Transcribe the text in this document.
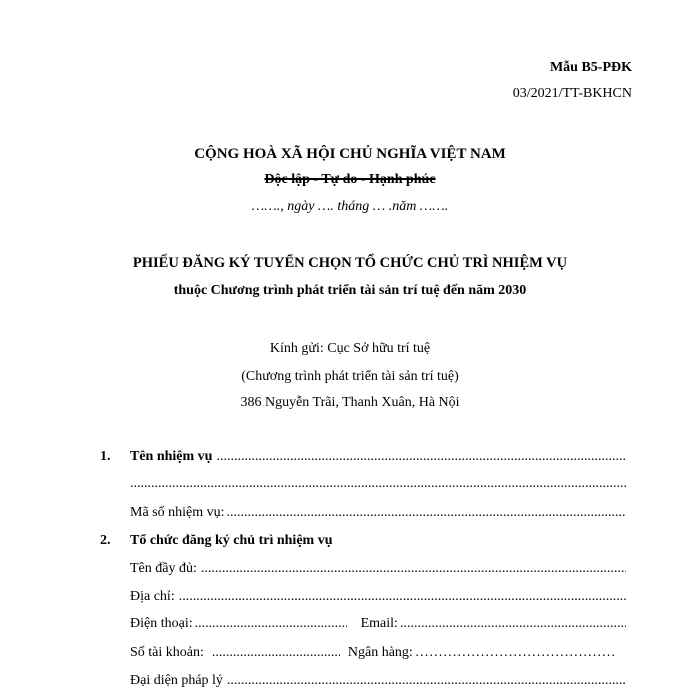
Mẫu B5-PĐK
03/2021/TT-BKHCN
CỘNG HOÀ XÃ HỘI CHỦ NGHĨA VIỆT NAM
Độc lập - Tự do - Hạnh phúc
……., ngày …. tháng … .năm …….
PHIẾU ĐĂNG KÝ TUYỂN CHỌN TỔ CHỨC CHỦ TRÌ NHIỆM VỤ
thuộc Chương trình phát triển tài sản trí tuệ đến năm 2030
Kính gửi: Cục Sở hữu trí tuệ
(Chương trình phát triển tài sản trí tuệ)
386 Nguyễn Trãi, Thanh Xuân, Hà Nội
1. Tên nhiệm vụ
.....
.....
Mã số nhiệm vụ:
.....
2. Tổ chức đăng ký chủ trì nhiệm vụ
Tên đầy đủ:
.....
Địa chỉ:
.....
Điện thoại: .....	Email:
.....
Số tài khoản: .....	Ngân hàng:
………………………………………………………………………………………………………………………………
Đại diện pháp lý
.....
